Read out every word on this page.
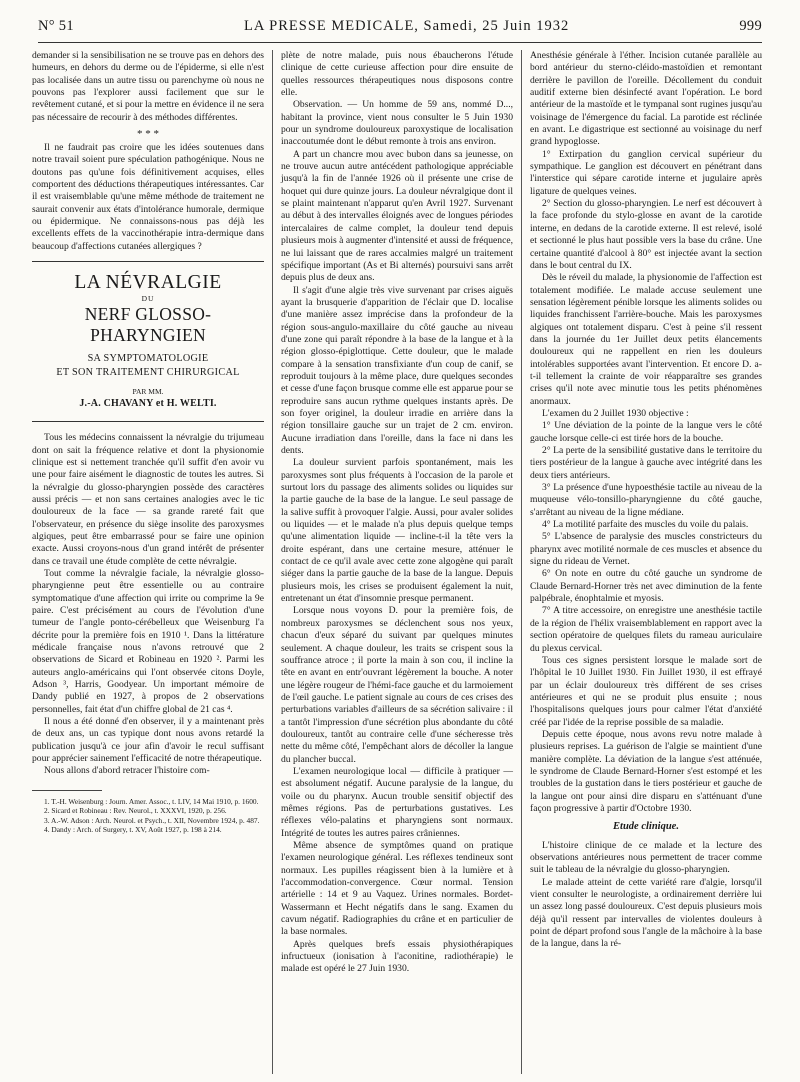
N° 51	LA PRESSE MEDICALE, Samedi, 25 Juin 1932	999

demander si la sensibilisation ne se trouve pas en dehors des humeurs, en dehors du derme ou de l'épiderme, si elle n'est pas localisée dans un autre tissu ou parenchyme où nous ne pouvons pas l'explorer aussi facilement que sur le revêtement cutané, et si pour la mettre en évidence il ne sera pas nécessaire de recourir à des méthodes différentes.

* * *

Il ne faudrait pas croire que les idées soutenues dans notre travail soient pure spéculation pathogénique. Nous ne doutons pas qu'une fois définitivement acquises, elles comportent des déductions thérapeutiques intéressantes. Car il est vraisemblable qu'une même méthode de traitement ne saurait convenir aux états d'intolérance humorale, dermique ou épidermique. Ne connaissons-nous pas déjà les excellents effets de la vaccinothérapie intra-dermique dans beaucoup d'affections cutanées allergiques ?

LA NÉVRALGIE
DU
NERF GLOSSO-PHARYNGIEN
SA SYMPTOMATOLOGIE
ET SON TRAITEMENT CHIRURGICAL
PAR MM.
J.-A. CHAVANY et H. WELTI.

Tous les médecins connaissent la névralgie du trijumeau dont on sait la fréquence relative et dont la physionomie clinique est si nettement tranchée qu'il suffit d'en avoir vu une pour faire aisément le diagnostic de toutes les autres. Si la névralgie du glosso-pharyngien possède des caractères aussi précis — et non sans certaines analogies avec le tic douloureux de la face — sa grande rareté fait que l'observateur, en présence du siège insolite des paroxysmes algiques, peut être embarrassé pour se faire une opinion exacte. Aussi croyons-nous d'un grand intérêt de présenter dans ce travail une étude complète de cette névralgie.

Tout comme la névralgie faciale, la névralgie glosso-pharyngienne peut être essentielle ou au contraire symptomatique d'une affection qui irrite ou comprime la 9e paire. C'est précisément au cours de l'évolution d'une tumeur de l'angle ponto-cérébelleux que Weisenburg l'a décrite pour la première fois en 1910 ¹. Dans la littérature médicale française nous n'avons retrouvé que 2 observations de Sicard et Robineau en 1920 ². Parmi les auteurs anglo-américains qui l'ont observée citons Doyle, Adson ³, Harris, Goodyear. Un important mémoire de Dandy publié en 1927, à propos de 2 observations personnelles, fait état d'un chiffre global de 21 cas ⁴.

Il nous a été donné d'en observer, il y a maintenant près de deux ans, un cas typique dont nous avons retardé la publication jusqu'à ce jour afin d'avoir le recul suffisant pour apprécier sainement l'efficacité de notre thérapeutique.

Nous allons d'abord retracer l'histoire com-

1. T.-H. Weisenburg : Journ. Amer. Assoc., t. LIV, 14 Mai 1910, p. 1600.

2. Sicard et Robineau : Rev. Neurol., t. XXXVI, 1920, p. 256.

3. A.-W. Adson : Arch. Neurol. et Psych., t. XII, Novembre 1924, p. 487.

4. Dandy : Arch. of Surgery, t. XV, Août 1927, p. 198 à 214.

plète de notre malade, puis nous ébaucherons l'étude clinique de cette curieuse affection pour dire ensuite de quelles ressources thérapeutiques nous disposons contre elle.

Observation. — Un homme de 59 ans, nommé D..., habitant la province, vient nous consulter le 5 Juin 1930 pour un syndrome douloureux paroxystique de localisation inaccoutumée dont le début remonte à trois ans environ.

A part un chancre mou avec bubon dans sa jeunesse, on ne trouve aucun autre antécédent pathologique appréciable jusqu'à la fin de l'année 1926 où il présente une crise de hoquet qui dure quinze jours. La douleur névralgique dont il se plaint maintenant n'apparut qu'en Avril 1927. Survenant au début à des intervalles éloignés avec de longues périodes intercalaires de calme complet, la douleur tend depuis plusieurs mois à augmenter d'intensité et aussi de fréquence, ne lui laissant que de rares accalmies malgré un traitement spécifique important (As et Bi alternés) poursuivi sans arrêt depuis plus de deux ans.

Il s'agit d'une algie très vive survenant par crises aiguës ayant la brusquerie d'apparition de l'éclair que D. localise d'une manière assez imprécise dans la profondeur de la région sous-angulo-maxillaire du côté gauche au niveau d'une zone qui paraît répondre à la base de la langue et à la région glosso-épiglottique. Cette douleur, que le malade compare à la sensation transfixiante d'un coup de canif, se reproduit toujours à la même place, dure quelques secondes et cesse d'une façon brusque comme elle est apparue pour se reproduire sans aucun rythme quelques instants après. De son foyer originel, la douleur irradie en arrière dans la région tonsillaire gauche sur un trajet de 2 cm. environ. Aucune irradiation dans l'oreille, dans la face ni dans les dents.

La douleur survient parfois spontanément, mais les paroxysmes sont plus fréquents à l'occasion de la parole et surtout lors du passage des aliments solides ou liquides sur la partie gauche de la base de la langue. Le seul passage de la salive suffit à provoquer l'algie. Aussi, pour avaler solides ou liquides — et le malade n'a plus depuis quelque temps qu'une alimentation liquide — incline-t-il la tête vers la droite espérant, dans une certaine mesure, atténuer le contact de ce qu'il avale avec cette zone algogène qui paraît siéger dans la partie gauche de la base de la langue. Depuis plusieurs mois, les crises se produisent également la nuit, entretenant un état d'insomnie presque permanent.

Lorsque nous voyons D. pour la première fois, de nombreux paroxysmes se déclenchent sous nos yeux, chacun d'eux séparé du suivant par quelques minutes seulement. A chaque douleur, les traits se crispent sous la souffrance atroce ; il porte la main à son cou, il incline la tête en avant en entr'ouvrant légèrement la bouche. A noter une légère rougeur de l'hémi-face gauche et du larmoiement de l'œil gauche. Le patient signale au cours de ces crises des perturbations variables d'ailleurs de sa sécrétion salivaire : il a tantôt l'impression d'une sécrétion plus abondante du côté douloureux, tantôt au contraire celle d'une sécheresse très nette du même côté, l'empêchant alors de décoller la langue du plancher buccal.

L'examen neurologique local — difficile à pratiquer — est absolument négatif. Aucune paralysie de la langue, du voile ou du pharynx. Aucun trouble sensitif objectif des mêmes régions. Pas de perturbations gustatives. Les réflexes vélo-palatins et pharyngiens sont normaux. Intégrité de toutes les autres paires crâniennes.

Même absence de symptômes quand on pratique l'examen neurologique général. Les réflexes tendineux sont normaux. Les pupilles réagissent bien à la lumière et à l'accommodation-convergence. Cœur normal. Tension artérielle : 14 et 9 au Vaquez. Urines normales. Bordet-Wassermann et Hecht négatifs dans le sang. Examen du cavum négatif. Radiographies du crâne et en particulier de la base normales.

Après quelques brefs essais physiothérapiques infructueux (ionisation à l'aconitine, radiothérapie) le malade est opéré le 27 Juin 1930.

Anesthésie générale à l'éther. Incision cutanée parallèle au bord antérieur du sterno-cléido-mastoïdien et remontant derrière le pavillon de l'oreille. Décollement du conduit auditif externe bien désinfecté avant l'opération. Le bord antérieur de la mastoïde et le tympanal sont rugines jusqu'au voisinage de l'émergence du facial. La parotide est réclinée en avant. Le digastrique est sectionné au voisinage du nerf grand hypoglosse.

1° Extirpation du ganglion cervical supérieur du sympathique. Le ganglion est découvert en pénétrant dans l'interstice qui sépare carotide interne et jugulaire après ligature de quelques veines.

2° Section du glosso-pharyngien. Le nerf est découvert à la face profonde du stylo-glosse en avant de la carotide interne, en dedans de la carotide externe. Il est relevé, isolé et sectionné le plus haut possible vers la base du crâne. Une certaine quantité d'alcool à 80° est injectée avant la section dans le bout central du IX.

Dès le réveil du malade, la physionomie de l'affection est totalement modifiée. Le malade accuse seulement une sensation légèrement pénible lorsque les aliments solides ou liquides franchissent l'arrière-bouche. Mais les paroxysmes algiques ont totalement disparu. C'est à peine s'il ressent dans la journée du 1er Juillet deux petits élancements douloureux qui ne rappellent en rien les douleurs intolérables supportées avant l'intervention. Et encore D. a-t-il tellement la crainte de voir réapparaître ses grandes crises qu'il note avec minutie tous les petits phénomènes anormaux.

L'examen du 2 Juillet 1930 objective :

1° Une déviation de la pointe de la langue vers le côté gauche lorsque celle-ci est tirée hors de la bouche.

2° La perte de la sensibilité gustative dans le territoire du tiers postérieur de la langue à gauche avec intégrité dans les deux tiers antérieurs.

3° La présence d'une hypoesthésie tactile au niveau de la muqueuse vélo-tonsillo-pharyngienne du côté gauche, s'arrêtant au niveau de la ligne médiane.

4° La motilité parfaite des muscles du voile du palais.

5° L'absence de paralysie des muscles constricteurs du pharynx avec motilité normale de ces muscles et absence du signe du rideau de Vernet.

6° On note en outre du côté gauche un syndrome de Claude Bernard-Horner très net avec diminution de la fente palpébrale, énophtalmie et myosis.

7° A titre accessoire, on enregistre une anesthésie tactile de la région de l'hélix vraisemblablement en rapport avec la section opératoire de quelques filets du rameau auriculaire du plexus cervical.

Tous ces signes persistent lorsque le malade sort de l'hôpital le 10 Juillet 1930. Fin Juillet 1930, il est effrayé par un éclair douloureux très différent de ses crises antérieures et qui ne se produit plus ensuite ; nous l'hospitalisons quelques jours pour calmer l'état d'anxiété créé par l'idée de la reprise possible de sa maladie.

Depuis cette époque, nous avons revu notre malade à plusieurs reprises. La guérison de l'algie se maintient d'une manière complète. La déviation de la langue s'est atténuée, le syndrome de Claude Bernard-Horner s'est estompé et les troubles de la gustation dans le tiers postérieur et gauche de la langue ont pour ainsi dire disparu en s'atténuant d'une façon progressive à partir d'Octobre 1930.

Etude clinique.

L'histoire clinique de ce malade et la lecture des observations antérieures nous permettent de tracer comme suit le tableau de la névralgie du glosso-pharyngien.

Le malade atteint de cette variété rare d'algie, lorsqu'il vient consulter le neurologiste, a ordinairement derrière lui un assez long passé douloureux. C'est depuis plusieurs mois déjà qu'il ressent par intervalles de violentes douleurs à point de départ profond sous l'angle de la mâchoire à la base de la langue, dans la ré-
